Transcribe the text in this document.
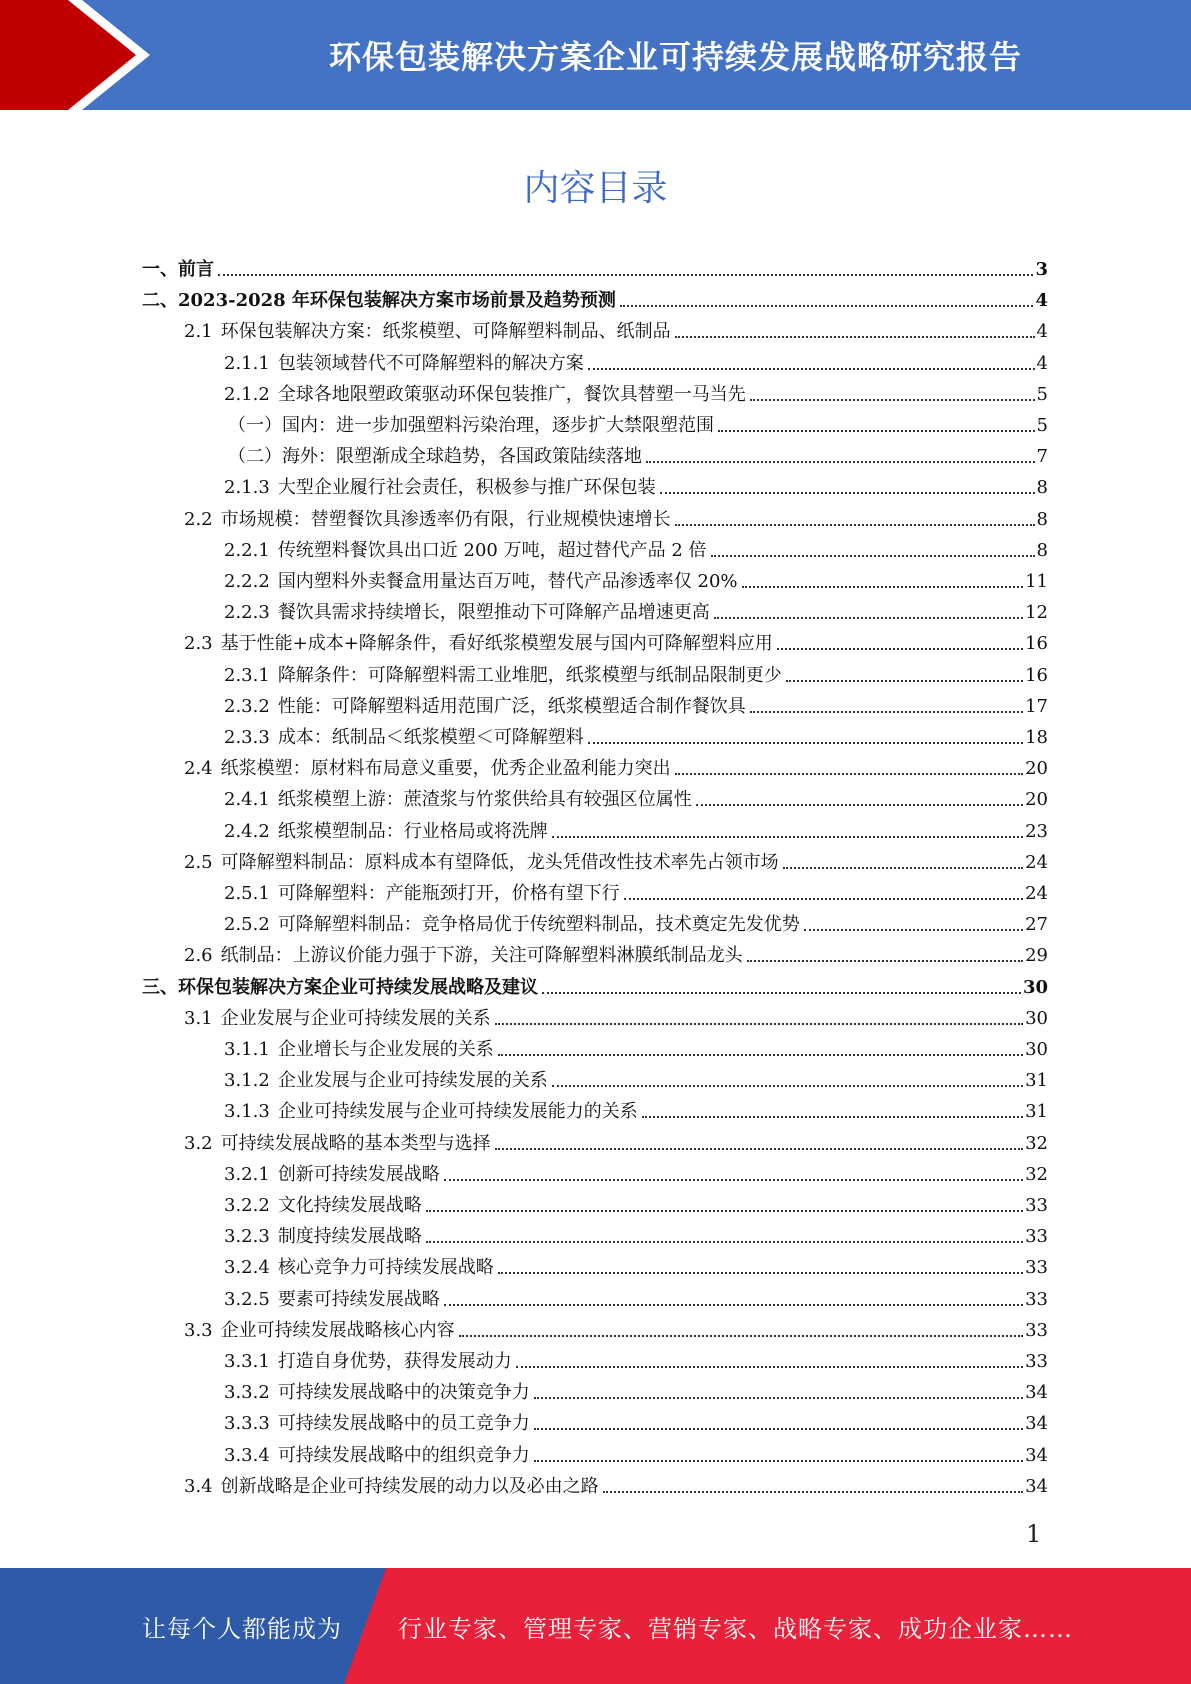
环保包装解决方案企业可持续发展战略研究报告
内容目录
一、 前言	3
二、 2023-2028 年环保包装解决方案市场前景及趋势预测	4
2.1 环保包装解决方案：纸浆模塑、可降解塑料制品、纸制品	4
2.1.1 包装领域替代不可降解塑料的解决方案	4
2.1.2 全球各地限塑政策驱动环保包装推广，餐饮具替塑一马当先	5
（一） 国内：进一步加强塑料污染治理，逐步扩大禁限塑范围	5
（二） 海外：限塑渐成全球趋势，各国政策陆续落地	7
2.1.3 大型企业履行社会责任，积极参与推广环保包装	8
2.2 市场规模：替塑餐饮具渗透率仍有限，行业规模快速增长	8
2.2.1 传统塑料餐饮具出口近 200 万吨，超过替代产品 2 倍	8
2.2.2 国内塑料外卖餐盒用量达百万吨，替代产品渗透率仅 20%	11
2.2.3 餐饮具需求持续增长，限塑推动下可降解产品增速更高	12
2.3 基于性能+成本+降解条件，看好纸浆模塑发展与国内可降解塑料应用	16
2.3.1 降解条件：可降解塑料需工业堆肥，纸浆模塑与纸制品限制更少	16
2.3.2 性能：可降解塑料适用范围广泛，纸浆模塑适合制作餐饮具	17
2.3.3 成本：纸制品＜纸浆模塑＜可降解塑料	18
2.4 纸浆模塑：原材料布局意义重要，优秀企业盈利能力突出	20
2.4.1 纸浆模塑上游：蔗渣浆与竹浆供给具有较强区位属性	20
2.4.2 纸浆模塑制品：行业格局或将洗牌	23
2.5 可降解塑料制品：原料成本有望降低，龙头凭借改性技术率先占领市场	24
2.5.1 可降解塑料：产能瓶颈打开，价格有望下行	24
2.5.2 可降解塑料制品：竞争格局优于传统塑料制品，技术奠定先发优势	27
2.6 纸制品：上游议价能力强于下游，关注可降解塑料淋膜纸制品龙头	29
三、 环保包装解决方案企业可持续发展战略及建议	30
3.1 企业发展与企业可持续发展的关系	30
3.1.1 企业增长与企业发展的关系	30
3.1.2 企业发展与企业可持续发展的关系	31
3.1.3 企业可持续发展与企业可持续发展能力的关系	31
3.2 可持续发展战略的基本类型与选择	32
3.2.1 创新可持续发展战略	32
3.2.2 文化持续发展战略	33
3.2.3 制度持续发展战略	33
3.2.4 核心竞争力可持续发展战略	33
3.2.5 要素可持续发展战略	33
3.3 企业可持续发展战略核心内容	33
3.3.1 打造自身优势，获得发展动力	33
3.3.2 可持续发展战略中的决策竞争力	34
3.3.3 可持续发展战略中的员工竞争力	34
3.3.4 可持续发展战略中的组织竞争力	34
3.4 创新战略是企业可持续发展的动力以及必由之路	34
1
让每个人都能成为 行业专家、管理专家、营销专家、战略专家、成功企业家……
